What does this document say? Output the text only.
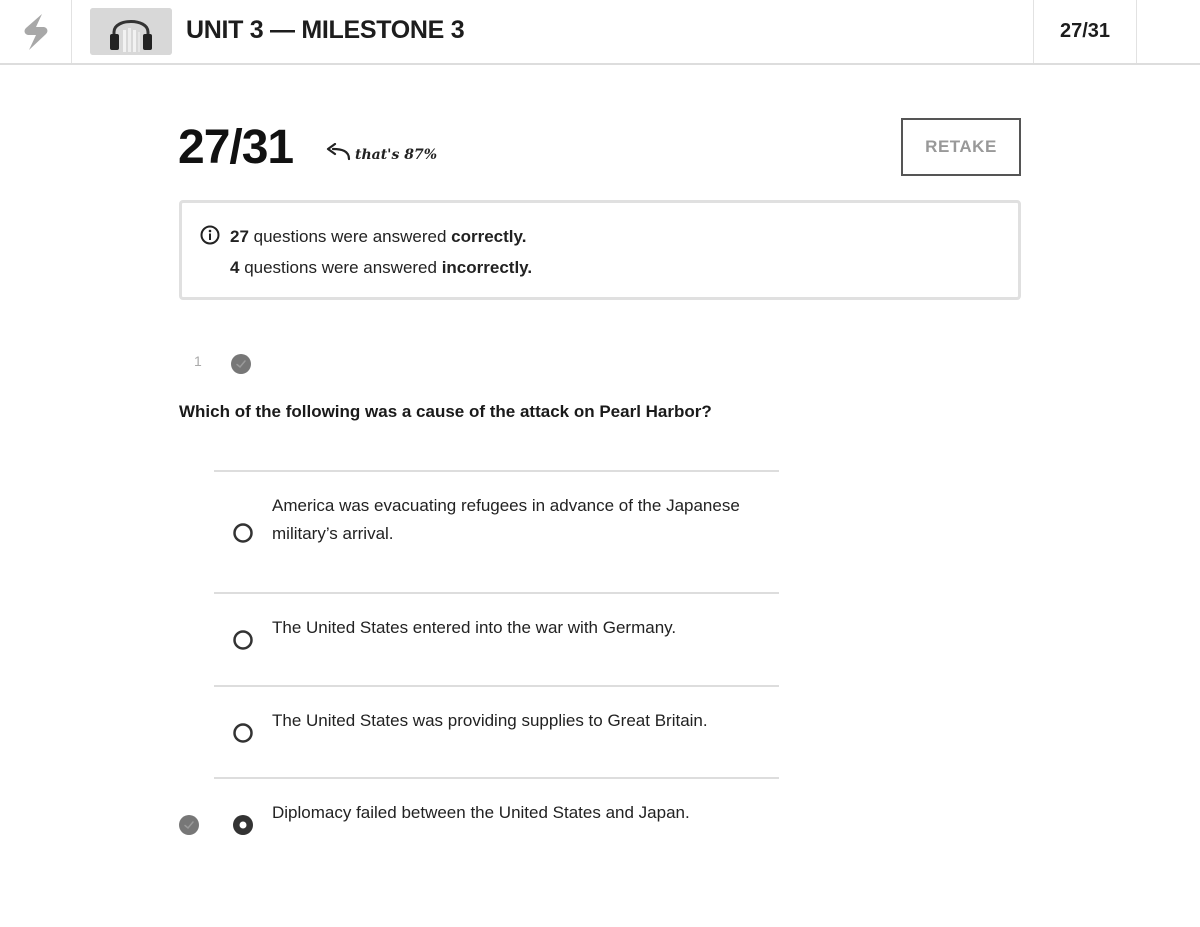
UNIT 3 — MILESTONE 3	27/31
27/31	that's 87%	RETAKE
27 questions were answered correctly.
4 questions were answered incorrectly.
1
Which of the following was a cause of the attack on Pearl Harbor?
America was evacuating refugees in advance of the Japanese military’s arrival.
The United States entered into the war with Germany.
The United States was providing supplies to Great Britain.
Diplomacy failed between the United States and Japan.
